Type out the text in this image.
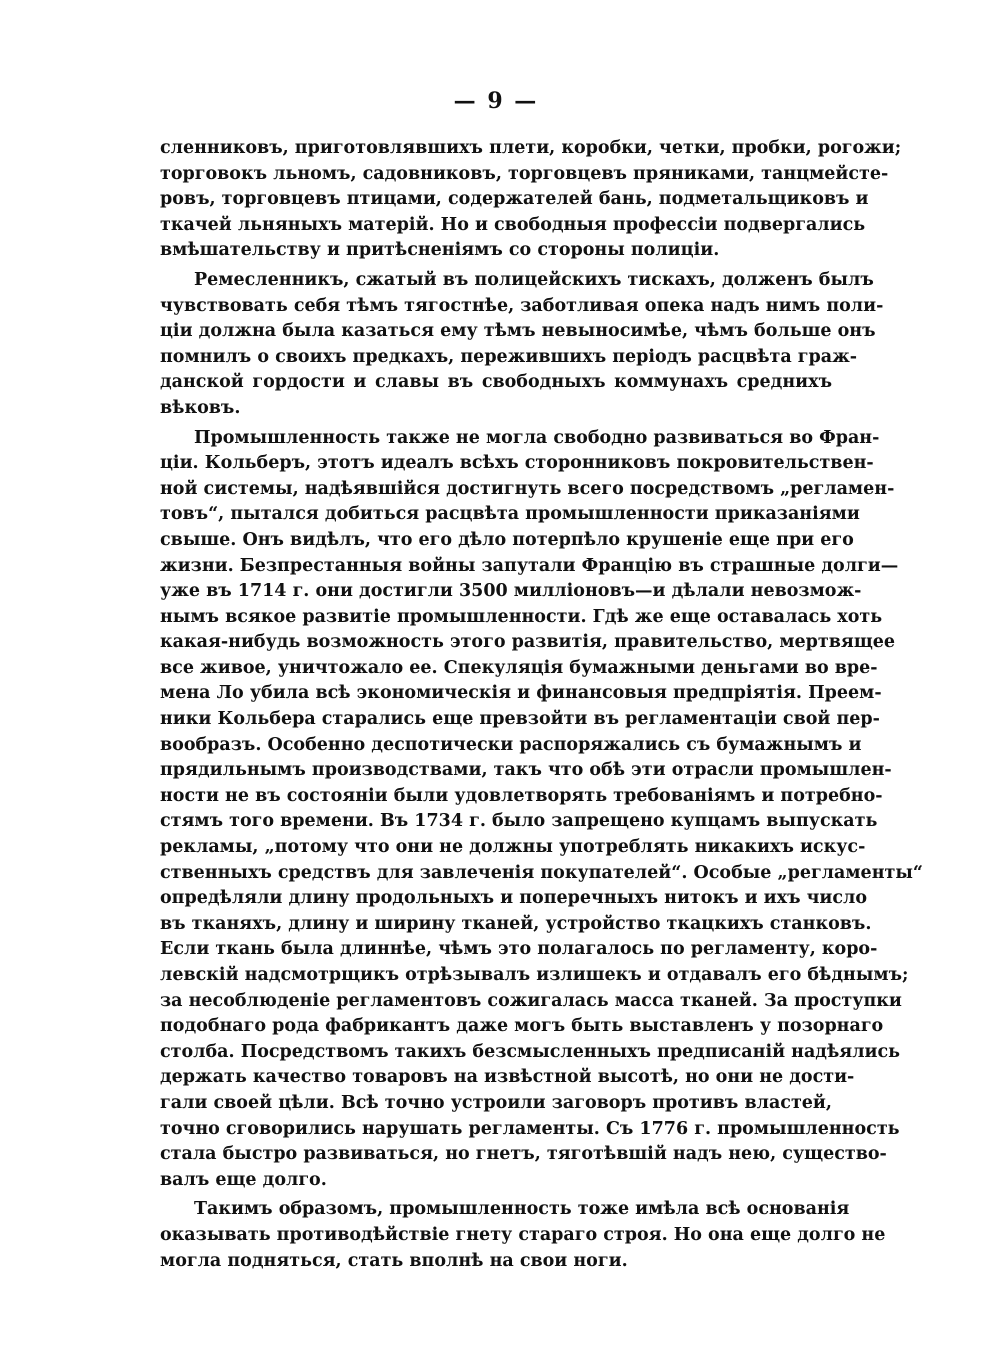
— 9 —
сленниковъ, приготовлявшихъ плети, коробки, четки, пробки, рогожи;
торговокъ льномъ, садовниковъ, торговцевъ пряниками, танцмейсте-
ровъ, торговцевъ птицами, содержателей бань, подметальщиковъ и
ткачей льняныхъ матерій. Но и свободныя профессіи подвергались
вмѣшательству и притѣсненіямъ со стороны полиціи.
Ремесленникъ, сжатый въ полицейскихъ тискахъ, долженъ былъ
чувствовать себя тѣмъ тягостнѣе, заботливая опека надъ нимъ поли-
ціи должна была казаться ему тѣмъ невыносимѣе, чѣмъ больше онъ
помнилъ о своихъ предкахъ, пережившихъ періодъ расцвѣта граж-
данской гордости и славы въ свободныхъ коммунахъ среднихъ
вѣковъ.
Промышленность также не могла свободно развиваться во Фран-
ціи. Кольберъ, этотъ идеалъ всѣхъ сторонниковъ покровительствен-
ной системы, надѣявшійся достигнуть всего посредствомъ „регламен-
товъ“, пытался добиться расцвѣта промышленности приказаніями
свыше. Онъ видѣлъ, что его дѣло потерпѣло крушеніе еще при его
жизни. Безпрестанныя войны запутали Францію въ страшные долги—
уже въ 1714 г. они достигли 3500 милліоновъ—и дѣлали невозмож-
нымъ всякое развитіе промышленности. Гдѣ же еще оставалась хоть
какая-нибудь возможность этого развитія, правительство, мертвящее
все живое, уничтожало ее. Спекуляція бумажными деньгами во вре-
мена Ло убила всѣ экономическія и финансовыя предпріятія. Преем-
ники Кольбера старались еще превзойти въ регламентаціи свой пер-
вообразъ. Особенно деспотически распоряжались съ бумажнымъ и
прядильнымъ производствами, такъ что обѣ эти отрасли промышлен-
ности не въ состояніи были удовлетворять требованіямъ и потребно-
стямъ того времени. Въ 1734 г. было запрещено купцамъ выпускать
рекламы, „потому что они не должны употреблять никакихъ искус-
ственныхъ средствъ для завлеченія покупателей“. Особые „регламенты“
опредѣляли длину продольныхъ и поперечныхъ нитокъ и ихъ число
въ тканяхъ, длину и ширину тканей, устройство ткацкихъ станковъ.
Если ткань была длиннѣе, чѣмъ это полагалось по регламенту, коро-
левскій надсмотрщикъ отрѣзывалъ излишекъ и отдавалъ его бѣднымъ;
за несоблюденіе регламентовъ сожигалась масса тканей. За проступки
подобнаго рода фабрикантъ даже могъ быть выставленъ у позорнаго
столба. Посредствомъ такихъ безсмысленныхъ предписаній надѣялись
держать качество товаровъ на извѣстной высотѣ, но они не дости-
гали своей цѣли. Всѣ точно устроили заговоръ противъ властей,
точно сговорились нарушать регламенты. Съ 1776 г. промышленность
стала быстро развиваться, но гнетъ, тяготѣвшій надъ нею, существо-
валъ еще долго.
Такимъ образомъ, промышленность тоже имѣла всѣ основанія
оказывать противодѣйствіе гнету стараго строя. Но она еще долго не
могла подняться, стать вполнѣ на свои ноги.
